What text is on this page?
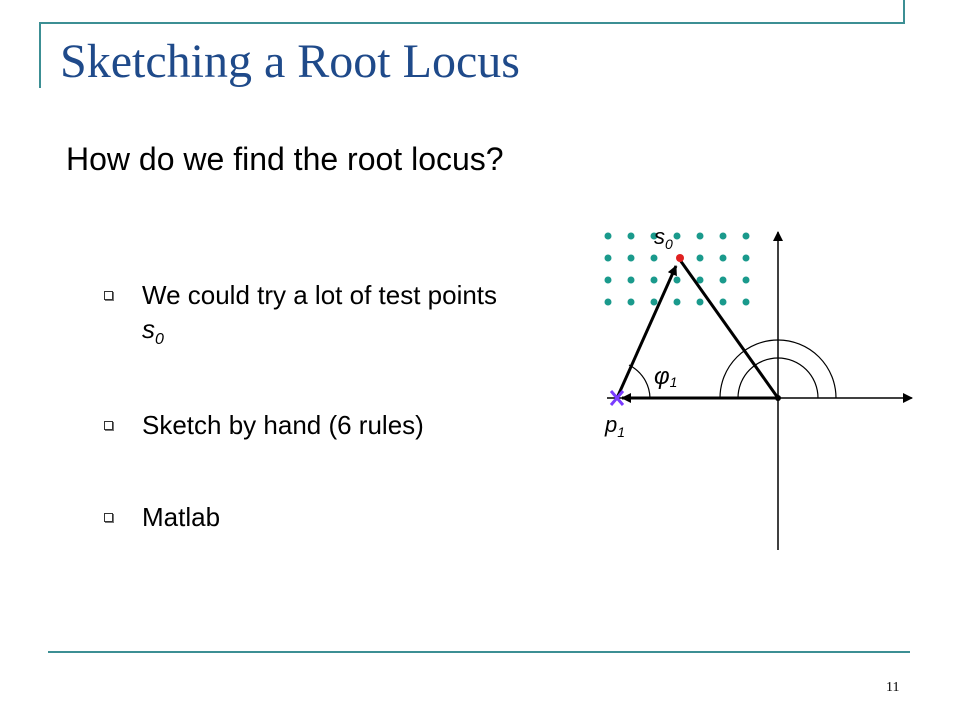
Sketching a Root Locus
How do we find the root locus?
We could try a lot of test points $s_0$
Sketch by hand (6 rules)
Matlab
$s_0$
$p_1$
φ1
11
